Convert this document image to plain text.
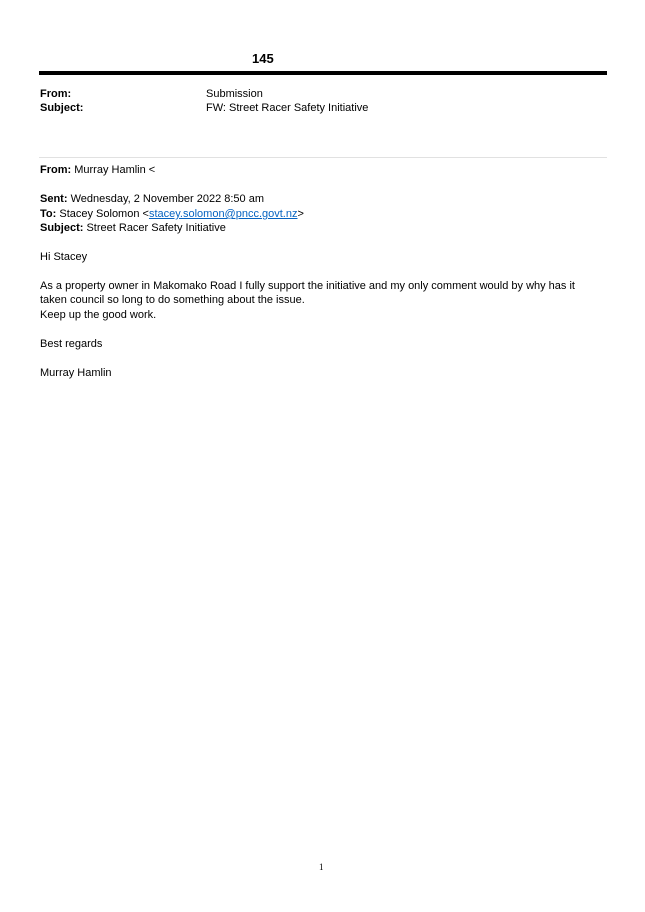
145
From:	Submission
Subject:	FW: Street Racer Safety Initiative
From: Murray Hamlin <
Sent: Wednesday, 2 November 2022 8:50 am
To: Stacey Solomon <stacey.solomon@pncc.govt.nz>
Subject: Street Racer Safety Initiative
Hi Stacey
As a property owner in Makomako Road I fully support the initiative and my only comment would by why has it
taken council so long to do something about the issue.
Keep up the good work.
Best regards
Murray Hamlin
1
